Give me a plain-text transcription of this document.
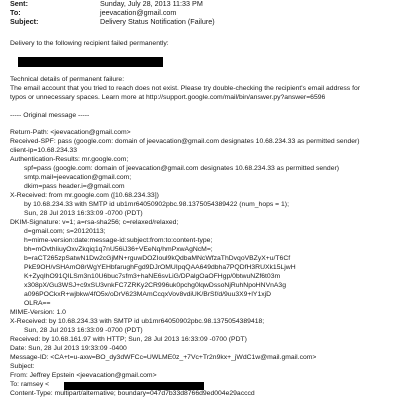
Sent:	Sunday, July 28, 2013 11:33 PM
To:	jeevacation@gmail.com
Subject:	Delivery Status Notification (Failure)
Delivery to the following recipient failed permanently:
Technical details of permanent failure:
The email account that you tried to reach does not exist. Please try double-checking the recipient's email address for
typos or unnecessary spaces. Learn more at http://support.google.com/mail/bin/answer.py?answer=6596
----- Original message -----
Return-Path: <jeevacation@gmail.com>
Received-SPF: pass (google.com: domain of jeevacation@gmail.com designates 10.68.234.33 as permitted sender)
client-ip=10.68.234.33
Authentication-Results: mr.google.com;
spf=pass (google.com: domain of jeevacation@gmail.com designates 10.68.234.33 as permitted sender)
smtp.mail=jeevacation@gmail.com;
dkim=pass header.i=@gmail.com
X-Received: from mr.google.com ([10.68.234.33])
by 10.68.234.33 with SMTP id ub1mr64050902pbc.98.1375054389422 (num_hops = 1);
Sun, 28 Jul 2013 16:33:09 -0700 (PDT)
DKIM-Signature: v=1; a=rsa-sha256; c=relaxed/relaxed;
d=gmail.com; s=20120113;
h=mime-version:date:message-id:subject:from:to:content-type;
bh=mOvthIiuyOxvZkqiq1q7nU56iJ36+VEeNq/hmPxwAgNcM=;
b=raCT265zpSatwN1Dw2cGjMN+rguwDOZIoul9kQdbaMNcWfzaThDvqoVBZyX+u/T6Cf
PkE9OH/vSHAmO8rWgYEHbfarughFgd9DJrOMUIpqQAA649dbha7PQDfH3RUXk15LjwH
K+ZyqIhO91QILSm3n10U6buc7sfm3+haNE6svLiG/DPalgOaOFHgp/0btwuNZf6t03m
x308pX/Gu3WSJ+c9xSU3vnkFC7ZRKy2CR996uk0pchg0lqwDssoNjRuhNpoHNVnA3g
a096POCkxR+wjbkw/4fO5x/oDrV623MAmCcqxVov8vdiUK/BrSf/d/9uu3X9+lY1xjD
OLRA==
MIME-Version: 1.0
X-Received: by 10.68.234.33 with SMTP id ub1mr64050902pbc.98.1375054389418;
Sun, 28 Jul 2013 16:33:09 -0700 (PDT)
Received: by 10.68.161.97 with HTTP; Sun, 28 Jul 2013 16:33:09 -0700 (PDT)
Date: Sun, 28 Jul 2013 19:33:09 -0400
Message-ID: <CA+t=u-axw=BO_dy3dWFCc=UWLME0z_+7Vc+Tr2n9kx+_jWdC1w@mail.gmail.com>
Subject:
From: Jeffrey Epstein <jeevacation@gmail.com>
To: ramsey <
Content-Type: multipart/alternative; boundary=047d7b33d8766d9ed004e29acccd
